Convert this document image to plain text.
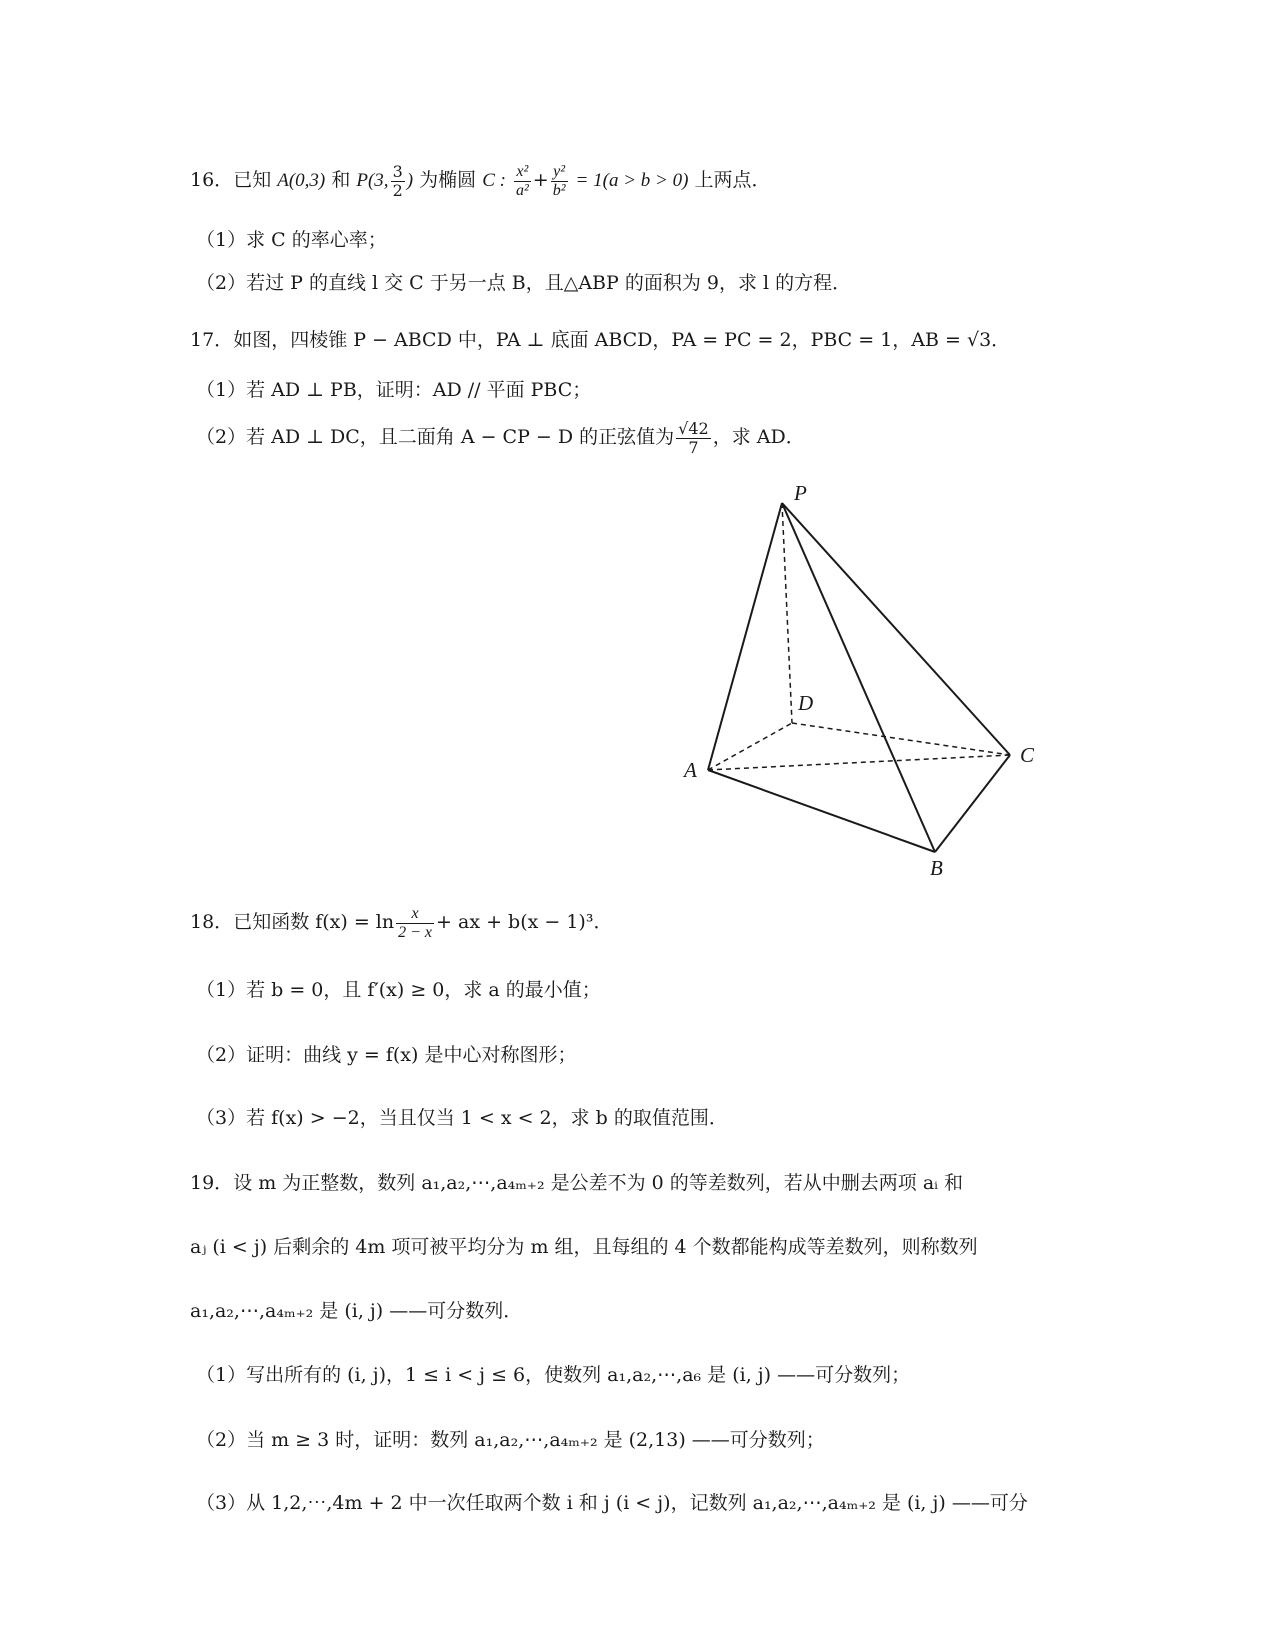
16．已知 A(0,3) 和 P(3, $\frac{3}{2}$ ) 为椭圆 C : $\frac{\text{x²}}{\text{a²}} + \frac{\text{y²}}{\text{b²}} = 1(a > b > 0)$ 上两点．
（1）求 C 的率心率；
（2）若过 P 的直线 l 交 C 于另一点 B，且△ABP 的面积为 9，求 l 的方程．
17．如图，四棱锥 P − ABCD 中，PA ⊥ 底面 ABCD，PA = PC = 2，PBC = 1，AB = √3．
（1）若 AD ⊥ PB，证明：AD // 平面 PBC；
（2）若 AD ⊥ DC，且二面角 A − CP − D 的正弦值为 $\frac{√42}{7}$ ，求 AD．
P
D
A
C
B
18．已知函数 $f(x) = \ln \frac{x}{2 - x}$ + ax + b(x − 1)³．
（1）若 b = 0，且 f′(x) ≥ 0，求 a 的最小值；
（2）证明：曲线 y = f(x) 是中心对称图形；
（3）若 f(x) > −2，当且仅当 1 < x < 2，求 b 的取值范围．
19．设 m 为正整数，数列 a₁,a₂,⋯,a₄ₘ₊₂ 是公差不为 0 的等差数列，若从中删去两项 aᵢ 和
aⱼ (i < j) 后剩余的 4m 项可被平均分为 m 组，且每组的 4 个数都能构成等差数列，则称数列
a₁,a₂,⋯,a₄ₘ₊₂ 是 (i, j) ——可分数列．
（1）写出所有的 (i, j)，1 ≤ i < j ≤ 6，使数列 a₁,a₂,⋯,a₆ 是 (i, j) ——可分数列；
（2）当 m ≥ 3 时，证明：数列 a₁,a₂,⋯,a₄ₘ₊₂ 是 (2,13) ——可分数列；
（3）从 1,2,⋯,4m + 2 中一次任取两个数 i 和 j (i < j)，记数列 a₁,a₂,⋯,a₄ₘ₊₂ 是 (i, j) ——可分
